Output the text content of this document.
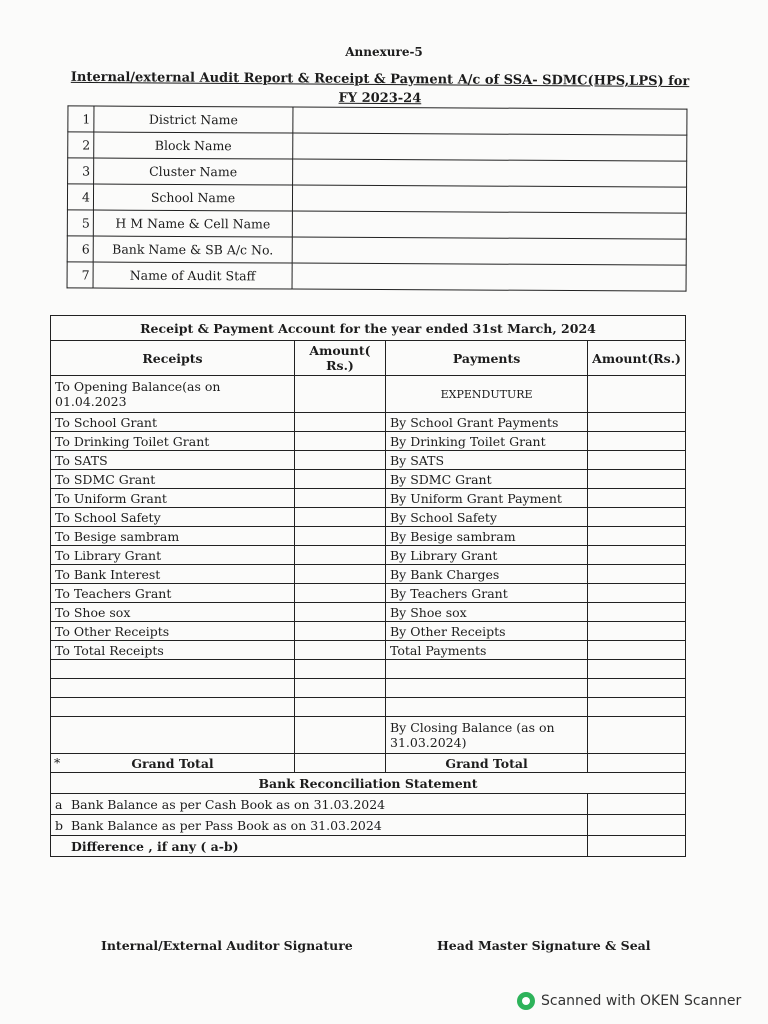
Annexure-5
Internal/external Audit Report & Receipt & Payment A/c of SSA- SDMC(HPS,LPS) for
FY 2023-24
1	District Name	
2	Block Name	
3	Cluster Name	
4	School Name	
5	H M Name & Cell Name	
6	Bank Name & SB A/c No.	
7	Name of Audit Staff	
Receipt & Payment Account for the year ended 31st March, 2024			
Receipts	Amount( Rs.)	Payments	Amount(Rs.)
To Opening Balance(as on 01.04.2023		EXPENDUTURE	
To School Grant		By School Grant Payments	
To Drinking Toilet Grant		By Drinking Toilet Grant	
To SATS		By SATS	
To SDMC Grant		By SDMC Grant	
To Uniform Grant		By Uniform Grant Payment	
To School Safety		By School Safety	
To Besige sambram		By Besige sambram	
To Library Grant		By Library Grant	
To Bank Interest		By Bank Charges	
To Teachers Grant		By Teachers Grant	
To Shoe sox		By Shoe sox	
To Other Receipts		By Other Receipts	
To Total Receipts		Total Payments	

		By Closing Balance (as on 31.03.2024)	

* Grand Total		Grand Total	
Bank Reconciliation Statement			
a Bank Balance as per Cash Book as on 31.03.2024			
b Bank Balance as per Pass Book as on 31.03.2024			
Difference , if any ( a-b)			
Internal/External Auditor Signature	Head Master Signature & Seal
Scanned with OKEN Scanner
